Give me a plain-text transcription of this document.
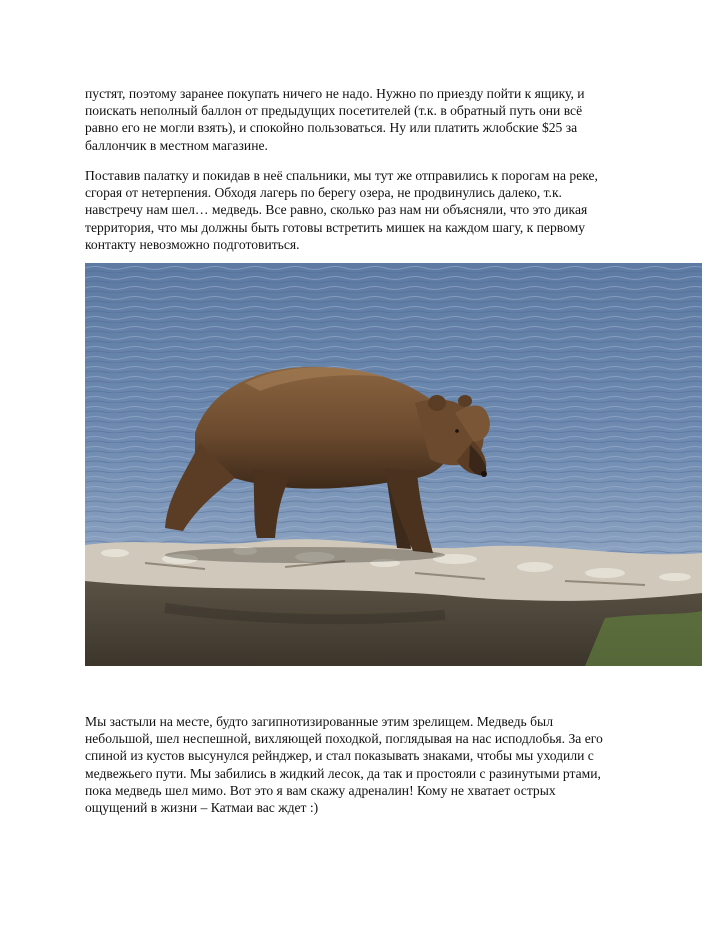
пустят, поэтому заранее покупать ничего не надо. Нужно по приезду пойти к ящику, и
поискать неполный баллон от предыдущих посетителей (т.к. в обратный путь они всё
равно его не могли взять), и спокойно пользоваться. Ну или платить жлобские $25 за
баллончик в местном магазине.

Поставив палатку и покидав в неё спальники, мы тут же отправились к порогам на реке,
сгорая от нетерпения. Обходя лагерь по берегу озера, не продвинулись далеко, т.к.
навстречу нам шел… медведь. Все равно, сколько раз нам ни объясняли, что это дикая
территория, что мы должны быть готовы встретить мишек на каждом шагу, к первому
контакту невозможно подготовиться.

Мы застыли на месте, будто загипнотизированные этим зрелищем. Медведь был
небольшой, шел неспешной, вихляющей походкой, поглядывая на нас исподлобья. За его
спиной из кустов высунулся рейнджер, и стал показывать знаками, чтобы мы уходили с
медвежьего пути. Мы забились в жидкий лесок, да так и простояли с разинутыми ртами,
пока медведь шел мимо. Вот это я вам скажу адреналин! Кому не хватает острых
ощущений в жизни – Катмаи вас ждет :)
